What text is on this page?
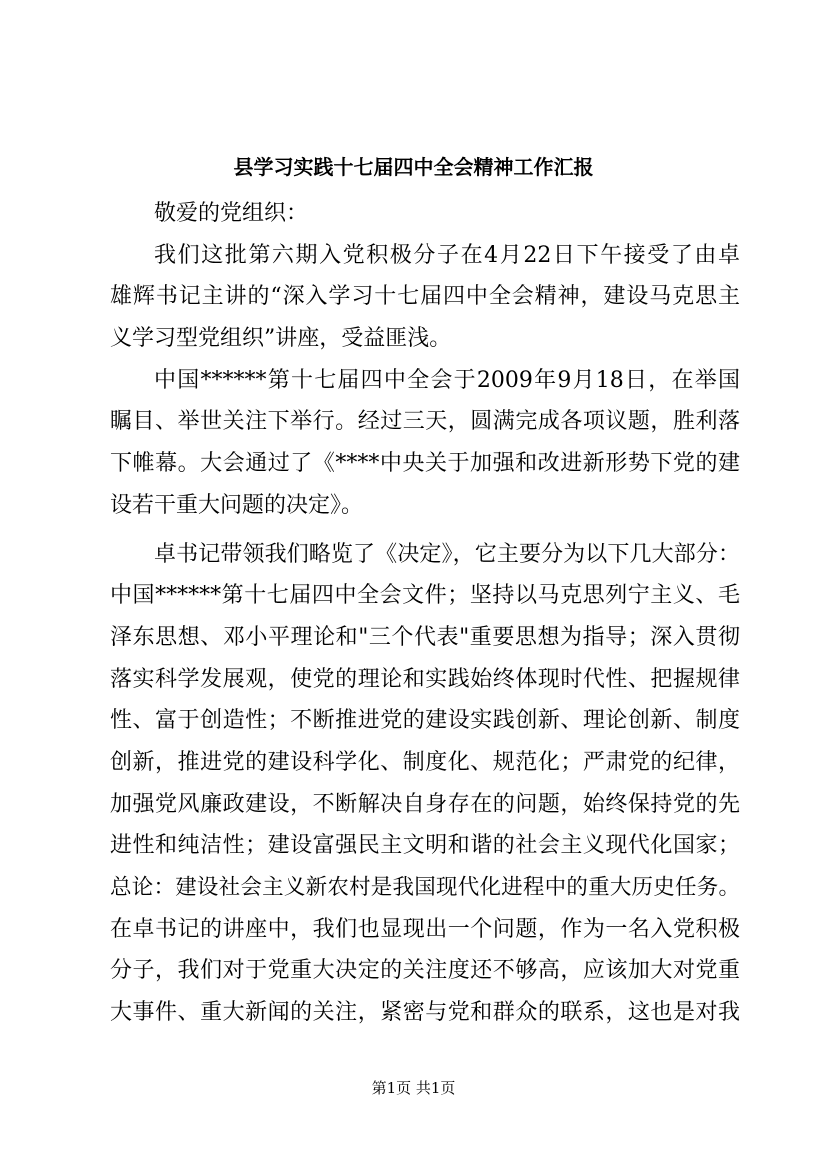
县学习实践十七届四中全会精神工作汇报
敬爱的党组织：
我们这批第六期入党积极分子在4月22日下午接受了由卓
雄辉书记主讲的“深入学习十七届四中全会精神，建设马克思主
义学习型党组织”讲座，受益匪浅。
中国******第十七届四中全会于2009年9月18日，在举国
瞩目、举世关注下举行。经过三天，圆满完成各项议题，胜利落
下帷幕。大会通过了《****中央关于加强和改进新形势下党的建
设若干重大问题的决定》。
卓书记带领我们略览了《决定》，它主要分为以下几大部分：
中国******第十七届四中全会文件；坚持以马克思列宁主义、毛
泽东思想、邓小平理论和"三个代表"重要思想为指导；深入贯彻
落实科学发展观，使党的理论和实践始终体现时代性、把握规律
性、富于创造性；不断推进党的建设实践创新、理论创新、制度
创新，推进党的建设科学化、制度化、规范化；严肃党的纪律，
加强党风廉政建设，不断解决自身存在的问题，始终保持党的先
进性和纯洁性；建设富强民主文明和谐的社会主义现代化国家；
总论：建设社会主义新农村是我国现代化进程中的重大历史任务。
在卓书记的讲座中，我们也显现出一个问题，作为一名入党积极
分子，我们对于党重大决定的关注度还不够高，应该加大对党重
大事件、重大新闻的关注，紧密与党和群众的联系，这也是对我
第1页 共1页
